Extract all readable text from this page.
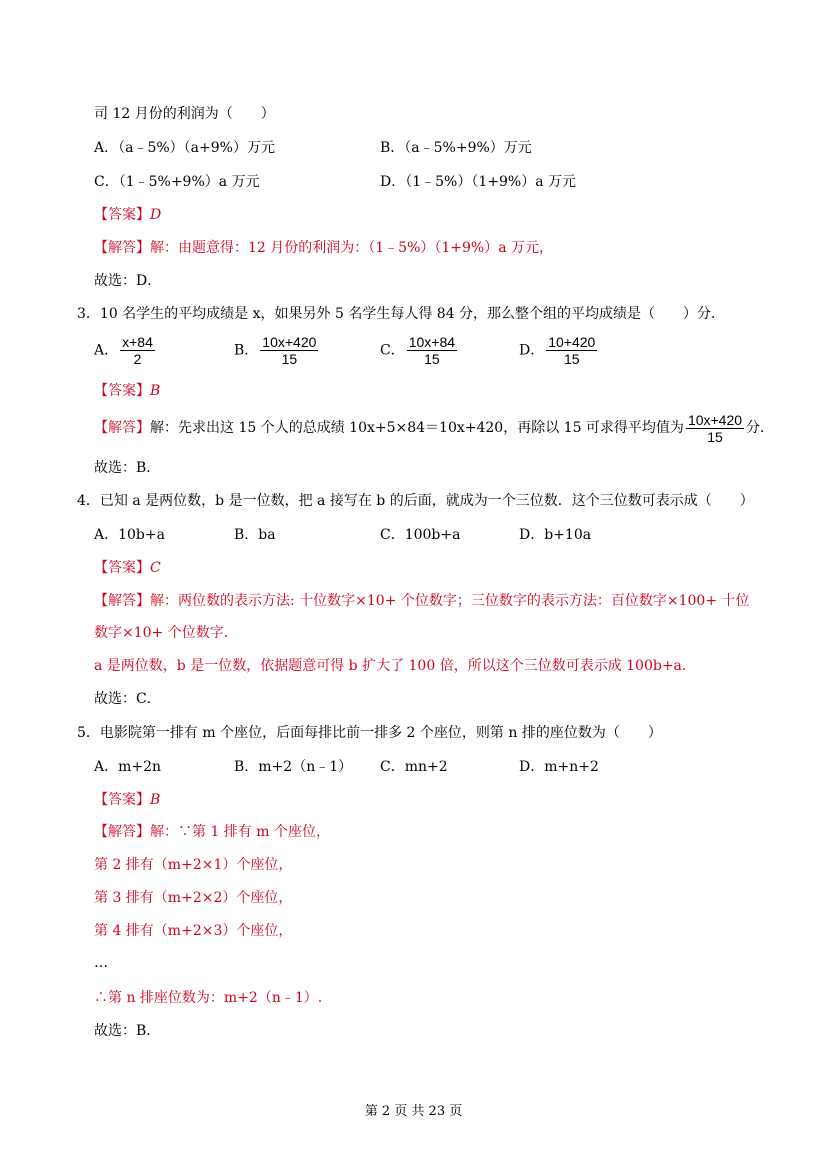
司 12 月份的利润为（　　）
A．（a﹣5%）（a+9%）万元	B．（a﹣5%+9%）万元
C．（1﹣5%+9%）a 万元	D．（1﹣5%）（1+9%）a 万元
【答案】D
【解答】解：由题意得：12 月份的利润为：（1﹣5%）（1+9%）a 万元，
故选：D．
3．10 名学生的平均成绩是 x，如果另外 5 名学生每人得 84 分，那么整个组的平均成绩是（　　）分．
A． $\frac{x+84}{2}$	B． $\frac{10x+420}{15}$	C． $\frac{10x+84}{15}$	D． $\frac{10+420}{15}$
【答案】B
【解答】解：先求出这 15 个人的总成绩 10x+5×84＝10x+420，再除以 15 可求得平均值为 $\frac{10x+420}{15}$ 分．
故选：B．
4．已知 a 是两位数，b 是一位数，把 a 接写在 b 的后面，就成为一个三位数．这个三位数可表示成（　　）
A．10b+a	B．ba	C．100b+a	D．b+10a
【答案】C
【解答】解：两位数的表示方法: 十位数字×10+ 个位数字；三位数字的表示方法：百位数字×100+ 十位
数字×10+ 个位数字．
a 是两位数，b 是一位数，依据题意可得 b 扩大了 100 倍，所以这个三位数可表示成 100b+a．
故选：C．
5．电影院第一排有 m 个座位，后面每排比前一排多 2 个座位，则第 n 排的座位数为（　　）
A．m+2n	B．m+2（n﹣1） C．mn+2	D．m+n+2
【答案】B
【解答】解：∵第 1 排有 m 个座位，
第 2 排有（m+2×1）个座位，
第 3 排有（m+2×2）个座位，
第 4 排有（m+2×3）个座位，
…
∴第 n 排座位数为：m+2（n﹣1）.
故选：B．
第 2 页 共 23 页
